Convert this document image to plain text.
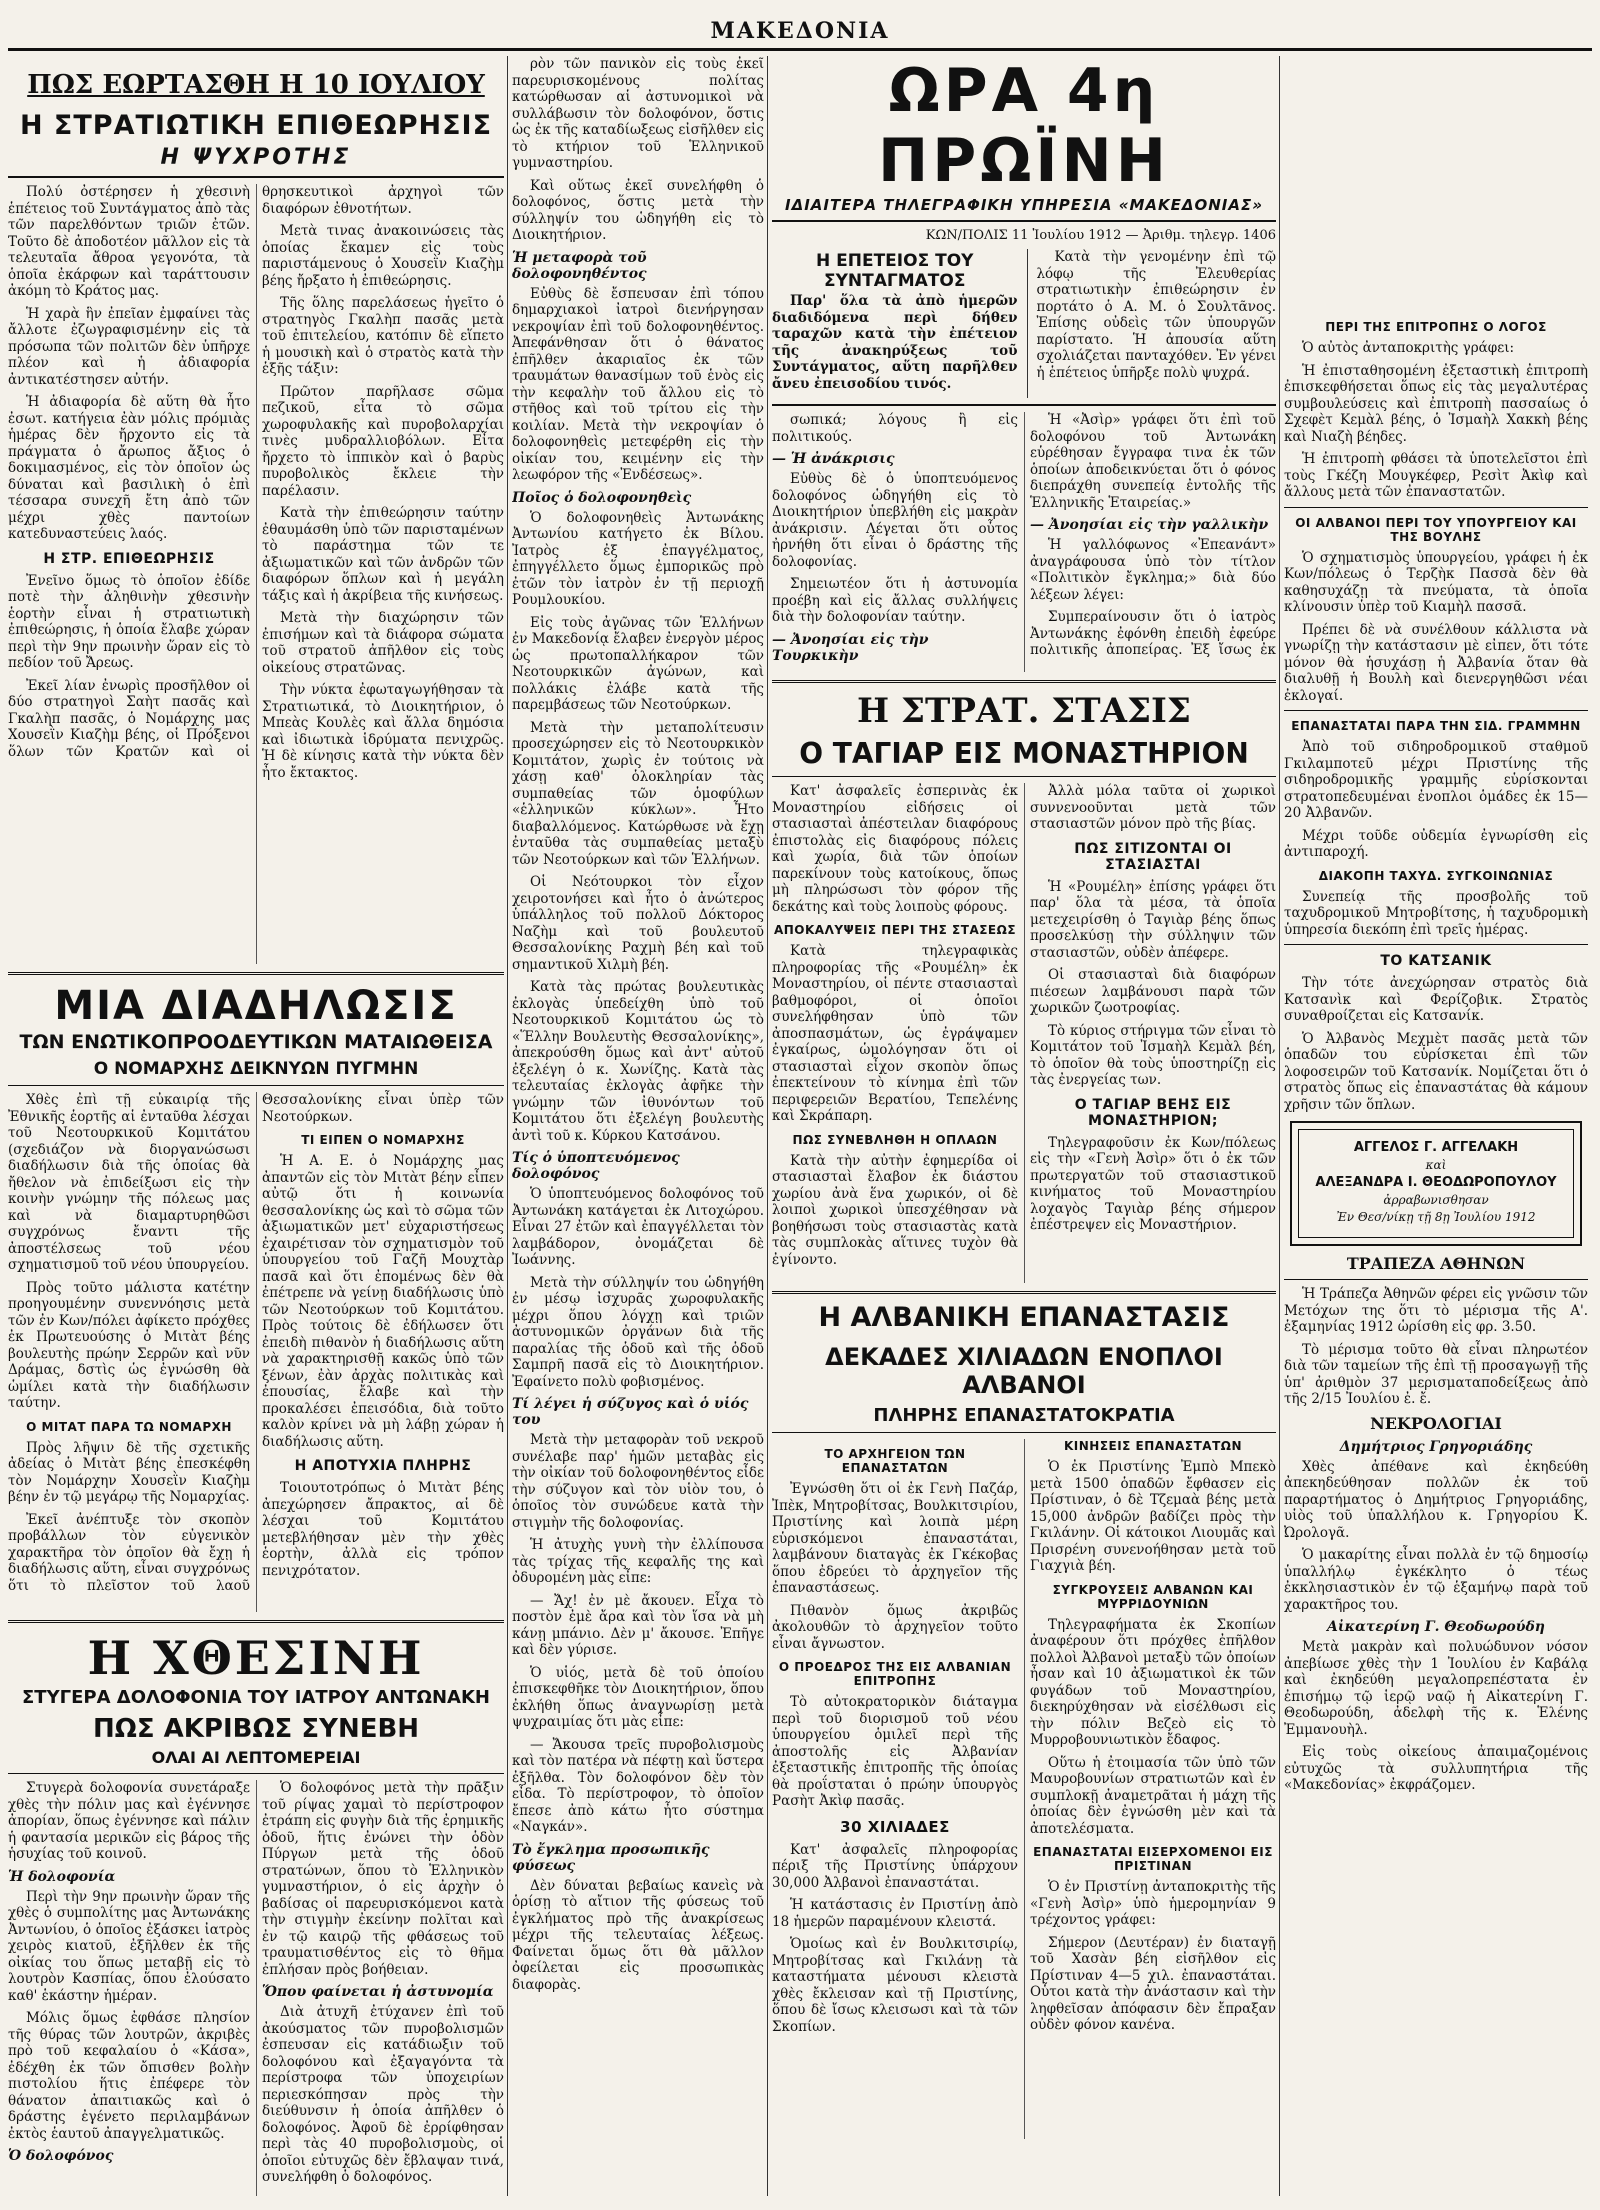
ΜΑΚΕΔΟΝΙΑ
ΠΩΣ ΕΩΡΤΑΣΘΗ Η 10 ΙΟΥΛΙΟΥ
Η ΣΤΡΑΤΙΩΤΙΚΗ ΕΠΙΘΕΩΡΗΣΙΣ
Η ΨΥΧΡΟΤΗΣ

Πολύ ὀστέρησεν ἡ χθεσινὴ ἑπέτειος τοῦ Συντάγματος ἀπὸ τὰς τῶν παρελθόντων τριῶν ἐτῶν. Τοῦτο δὲ ἀποδοτέον μᾶλλον εἰς τὰ τελευταῖα ἄθροα γεγονότα, τὰ ὁποῖα ἐκάρφων καὶ ταράττουσιν ἀκόμη τὸ Κράτος μας.

Ἡ χαρὰ ἣν ἐπεῖαν ἐμφαίνει τὰς ἄλλοτε ἐζωγραφισμένην εἰς τὰ πρόσωπα τῶν πολιτῶν δὲν ὑπῆρχε πλέον καὶ ἡ ἀδιαφορία ἀντικατέστησεν αὐτήν.

Ἡ ἀδιαφορία δὲ αὕτη θὰ ἦτο ἐσωτ. κατήγεια ἐὰν μόλις πρόμιὰς ἡμέρας δὲν ἤρχοντο εἰς τὰ πράγματα ὁ ἄρωπος ἄξιος ὁ δοκιμασμένος, εἰς τὸν ὁποῖον ὡς δύναται καὶ βασιλικὴ ὁ ἐπὶ τέσσαρα συνεχῆ ἔτη ἀπὸ τῶν μέχρι χθὲς παντοίων κατεδυναστεύεις λαός.

Η ΣΤΡ. ΕΠΙΘΕΩΡΗΣΙΣ

Ἐνεῖνο ὅμως τὸ ὁποῖον ἐδίδε ποτὲ τὴν ἀληθινὴν χθεσινὴν ἑορτὴν εἶναι ἡ στρατιωτικὴ ἐπιθεώρησις, ἡ ὁποία ἔλαβε χώραν περὶ τὴν 9ην πρωινὴν ὥραν εἰς τὸ πεδίον τοῦ Ἄρεως.

Ἐκεῖ λίαν ἐνωρὶς προσῆλθον οἱ δύο στρατηγοὶ Σαὴτ πασᾶς καὶ Γκαλὴπ πασᾶς, ὁ Νομάρχης μας Χουσεῒν Κιαζὴμ βέης, οἱ Πρόξενοι ὅλων τῶν Κρατῶν καὶ οἱ θρησκευτικοὶ ἀρχηγοὶ τῶν διαφόρων ἐθνοτήτων.

Μετὰ τινας ἀνακοινώσεις τὰς ὁποίας ἔκαμεν εἰς τοὺς παριστάμενους ὁ Χουσεῒν Κιαζὴμ βέης ἤρξατο ἡ ἐπιθεώρησις.

Τῆς ὅλης παρελάσεως ἡγεῖτο ὁ στρατηγὸς Γκαλὴπ πασᾶς μετὰ τοῦ ἐπιτελείου, κατόπιν δὲ εἵπετο ἡ μουσικὴ καὶ ὁ στρατὸς κατὰ τὴν ἑξῆς τάξιν:

Πρῶτον παρῆλασε σῶμα πεζικοῦ, εἶτα τὸ σῶμα χωροφυλακῆς καὶ πυροβολαρχίαι τινὲς μυδραλλιοβόλων. Εἶτα ἤρχετο τὸ ἱππικὸν καὶ ὁ βαρὺς πυροβολικὸς ἔκλειε τὴν παρέλασιν.

Κατὰ τὴν ἐπιθεώρησιν ταύτην ἐθαυμάσθη ὑπὸ τῶν παρισταμένων τὸ παράστημα τῶν τε ἀξιωματικῶν καὶ τῶν ἀνδρῶν τῶν διαφόρων ὅπλων καὶ ἡ μεγάλη τάξις καὶ ἡ ἀκρίβεια τῆς κινήσεως.

Μετὰ τὴν διαχώρησιν τῶν ἐπισήμων καὶ τὰ διάφορα σώματα τοῦ στρατοῦ ἀπῆλθον εἰς τοὺς οἰκείους στρατῶνας.

Τὴν νύκτα ἐφωταγωγήθησαν τὰ Στρατιωτικά, τὸ Διοικητήριον, ὁ Μπεὰς Κουλὲς καὶ ἄλλα δημόσια καὶ ἰδιωτικὰ ἱδρύματα πενιχρῶς. Ἡ δὲ κίνησις κατὰ τὴν νύκτα δὲν ἦτο ἔκτακτος.

ΜΙΑ ΔΙΑΔΗΛΩΣΙΣ
ΤΩΝ ΕΝΩΤΙΚΟΠΡΟΟΔΕΥΤΙΚΩΝ ΜΑΤΑΙΩΘΕΙΣΑ
Ο ΝΟΜΑΡΧΗΣ ΔΕΙΚΝΥΩΝ ΠΥΓΜΗΝ

Χθὲς ἐπὶ τῇ εὐκαιρίᾳ τῆς Ἐθνικῆς ἑορτῆς αἱ ἐνταῦθα λέσχαι τοῦ Νεοτουρκικοῦ Κομιτάτου (σχεδιάζον νὰ διοργανώσωσι διαδήλωσιν διὰ τῆς ὁποίας θὰ ἤθελον νὰ ἐπιδείξωσι εἰς τὴν κοινὴν γνώμην τῆς πόλεως μας καὶ νὰ διαμαρτυρηθῶσι συγχρόνως ἔναντι τῆς ἀποστέλσεως τοῦ νέου σχηματισμοῦ τοῦ νέου ὑπουργείου.

Πρὸς τοῦτο μάλιστα κατέτην προηγουμένην συνεννόησις μετὰ τῶν ἐν Κων/πόλει ἀφίκετο πρόχθες ἐκ Πρωτευούσης ὁ Μιτὰτ βέης βουλευτὴς πρώην Σερρῶν καὶ νῦν Δράμας, δστὶς ὡς ἐγνώσθη θὰ ὡμίλει κατὰ τὴν διαδήλωσιν ταύτην.

Ο ΜΙΤΑΤ ΠΑΡΑ ΤΩ ΝΟΜΑΡΧΗ

Πρὸς λῆψιν δὲ τῆς σχετικῆς ἀδείας ὁ Μιτὰτ βέης ἐπεσκέφθη τὸν Νομάρχην Χουσεῒν Κιαζὴμ βέην ἐν τῷ μεγάρῳ τῆς Νομαρχίας.

Ἐκεῖ ἀνέπτυξε τὸν σκοπὸν προβάλλων τὸν εὐγενικὸν χαρακτῆρα τὸν ὁποῖον θὰ ἔχῃ ἡ διαδήλωσις αὕτη, εἶναι συγχρόνως ὅτι τὸ πλεῖστον τοῦ λαοῦ Θεσσαλονίκης εἶναι ὑπὲρ τῶν Νεοτούρκων.

ΤΙ ΕΙΠΕΝ Ο ΝΟΜΑΡΧΗΣ

Ἡ Α. Ε. ὁ Νομάρχης μας ἀπαντῶν εἰς τὸν Μιτὰτ βέην εἶπεν αὐτῷ ὅτι ἡ κοινωνία θεσσαλονίκης ὡς καὶ τὸ σῶμα τῶν ἀξιωματικῶν μετ' εὐχαριστήσεως ἐχαιρέτισαν τὸν σχηματισμὸν τοῦ ὑπουργείου τοῦ Γαζῆ Μουχτὰρ πασᾶ καὶ ὅτι ἐπομένως δὲν θὰ ἐπέτρεπε νὰ γείνῃ διαδήλωσις ὑπὸ τῶν Νεοτούρκων τοῦ Κομιτάτου. Πρὸς τούτοις δὲ ἐδήλωσεν ὅτι ἐπειδὴ πιθανὸν ἡ διαδήλωσις αὕτη νὰ χαρακτηρισθῇ κακῶς ὑπὸ τῶν ξένων, ἐὰν ἀρχὰς πολιτικὰς καὶ ἐπουσίας, ἔλαβε καὶ τὴν προκαλέσει ἐπεισόδια, διὰ τοῦτο καλὸν κρίνει νὰ μὴ λάβῃ χώραν ἡ διαδήλωσις αὕτη.

Η ΑΠΟΤΥΧΙΑ ΠΛΗΡΗΣ

Τοιουτοτρόπως ὁ Μιτὰτ βέης ἀπεχώρησεν ἄπρακτος, αἱ δὲ λέσχαι τοῦ Κομιτάτου μετεβλήθησαν μὲν τὴν χθὲς ἑορτὴν, ἀλλὰ εἰς τρόπον πενιχρότατον.

Η ΧΘΕΣΙΝΗ
ΣΤΥΓΕΡΑ ΔΟΛΟΦΟΝΙΑ ΤΟΥ ΙΑΤΡΟΥ ΑΝΤΩΝΑΚΗ
ΠΩΣ ΑΚΡΙΒΩΣ ΣΥΝΕΒΗ
ΟΛΑΙ ΑΙ ΛΕΠΤΟΜΕΡΕΙΑΙ

Στυγερὰ δολοφονία συνετάραξε χθὲς τὴν πόλιν μας καὶ ἐγέννησε ἀπορίαν, ὅπως ἐγέννησε καὶ πάλιν ἡ φαντασία μερικῶν εἰς βάρος τῆς ἡσυχίας τοῦ κοινοῦ.

Ἡ δολοφονία

Περὶ τὴν 9ην πρωινὴν ὥραν τῆς χθὲς ὁ συμπολίτης μας Ἀντωνάκης Ἀντωνίου, ὁ ὁποῖος ἐξάσκει ἰατρὸς χειρὸς κιατοῦ, ἐξῆλθεν ἐκ τῆς οἰκίας του ὅπως μεταβῇ εἰς τὸ λουτρὸν Κασπίας, ὅπου ἐλούσατο καθ' ἑκάστην ἡμέραν.

Μόλις ὅμως ἐφθάσε πλησίον τῆς θύρας τῶν λουτρῶν, ἀκριβὲς πρὸ τοῦ κεφαλαίου ὁ «Κάσα», ἐδέχθη ἐκ τῶν ὄπισθεν βολὴν πιστολίου ἥτις ἐπέφερε τὸν θάνατον ἀπαιτιακῶς καὶ ὁ δράστης ἐγένετο περιλαμβάνων ἐκτὸς ἑαυτοῦ ἀπαγγελματικῶς.

Ὁ δολοφόνος

Ὁ δολοφόνος μετὰ τὴν πρᾶξιν τοῦ ρίψας χαμαὶ τὸ περίστροφον ἐτράπη εἰς φυγὴν διὰ τῆς ἐρημικῆς ὁδοῦ, ἥτις ἐνώνει τὴν ὁδὸν Πύργων μετὰ τῆς ὁδοῦ στρατώνων, ὅπου τὸ Ἑλληνικὸν γυμναστήριον, ὁ εἰς ἀρχὴν ὁ βαδίσας οἱ παρευρισκόμενοι κατὰ τὴν στιγμὴν ἐκείνην πολῖται καὶ ἐν τῷ καιρῷ τῆς φθάσεως τοῦ τραυματισθέντος εἰς τὸ θῆμα ἐπλήσαν πρὸς βοήθειαν.

Ὅπου φαίνεται ἡ ἀστυνομία

Διὰ ἀτυχῆ ἐτύχανεν ἐπὶ τοῦ ἀκούσματος τῶν πυροβολισμῶν ἐσπευσαν εἰς κατάδιωξιν τοῦ δολοφόνου καὶ ἐξαγαγόντα τὰ περίστροφα τῶν ὑποχειρίων περιεσκόπησαν πρὸς τὴν διεύθυνσιν ἡ ὁποία ἀπῆλθεν ὁ δολοφόνος. Ἀφοῦ δὲ ἐρρίφθησαν περὶ τὰς 40 πυροβολισμοὺς, οἱ ὁποῖοι εὐτυχῶς δὲν ἔβλαψαν τινά, συνελήφθη ὁ δολοφόνος.

ρὸν τῶν πανικὸν εἰς τοὺς ἐκεῖ παρευρισκομένους πολίτας κατώρθωσαν αἱ ἀστυνομικοὶ νὰ συλλάβωσιν τὸν δολοφόνον, ὅστις ὡς ἐκ τῆς καταδίωξεως εἰσῆλθεν εἰς τὸ κτήριον τοῦ Ἑλληνικοῦ γυμναστηρίου.

Καὶ οὕτως ἐκεῖ συνελήφθη ὁ δολοφόνος, ὅστις μετὰ τὴν σύλληψίν του ὡδηγήθη εἰς τὸ Διοικητήριον.

Ἡ μεταφορὰ τοῦ δολοφονηθέντος

Εὐθὺς δὲ ἔσπευσαν ἐπὶ τόπου δημαρχιακοὶ ἰατροὶ διενήργησαν νεκροψίαν ἐπὶ τοῦ δολοφονηθέντος. Ἀπεφάνθησαν ὅτι ὁ θάνατος ἐπῆλθεν ἀκαριαῖος ἐκ τῶν τραυμάτων θανασίμων τοῦ ἑνὸς εἰς τὴν κεφαλὴν τοῦ ἄλλου εἰς τὸ στῆθος καὶ τοῦ τρίτου εἰς τὴν κοιλίαν. Μετὰ τὴν νεκροψίαν ὁ δολοφονηθεὶς μετεφέρθη εἰς τὴν οἰκίαν του, κειμένην εἰς τὴν λεωφόρον τῆς «Ἐνδέσεως».

Ποῖος ὁ δολοφονηθεὶς

Ὁ δολοφονηθεὶς Ἀντωνάκης Ἀντωνίου κατήγετο ἐκ Βίλου. Ἰατρὸς ἐξ ἐπαγγέλματος, ἐπηγγέλλετο ὅμως ἐμπορικῶς πρὸ ἐτῶν τὸν ἰατρὸν ἐν τῇ περιοχῇ Ρουμλουκίου.

Εἰς τοὺς ἀγῶνας τῶν Ἑλλήνων ἐν Μακεδονίᾳ ἔλαβεν ἐνεργὸν μέρος ὡς πρωτοπαλλήκαρον τῶν Νεοτουρκικῶν ἀγώνων, καὶ πολλάκις ἐλάβε κατὰ τῆς παρεμβάσεως τῶν Νεοτούρκων.

Μετὰ τὴν μεταπολίτευσιν προσεχώρησεν εἰς τὸ Νεοτουρκικὸν Κομιτάτον, χωρὶς ἐν τούτοις νὰ χάσῃ καθ' ὁλοκληρίαν τὰς συμπαθείας τῶν ὁμοφύλων «ἑλληνικῶν κύκλων». Ἦτο διαβαλλόμενος. Κατώρθωσε νὰ ἔχῃ ἐνταῦθα τὰς συμπαθείας μεταξὺ τῶν Νεοτούρκων καὶ τῶν Ἑλλήνων.

Οἱ Νεότουρκοι τὸν εἶχον χειροτονήσει καὶ ἦτο ὁ ἀνώτερος ὑπάλληλος τοῦ πολλοῦ Δόκτορος Ναζὴμ καὶ τοῦ βουλευτοῦ Θεσσαλονίκης Ραχμὴ βέη καὶ τοῦ σημαντικοῦ Χιλμὴ βέη.

Κατὰ τὰς πρώτας βουλευτικὰς ἐκλογὰς ὑπεδείχθη ὑπὸ τοῦ Νεοτουρκικοῦ Κομιτάτου ὡς τὸ «Ἕλλην Βουλευτὴς Θεσσαλονίκης», ἀπεκρούσθη ὅμως καὶ ἀντ' αὐτοῦ ἐξελέγη ὁ κ. Χωνίζης. Κατὰ τὰς τελευταίας ἐκλογὰς ἀφῆκε τὴν γνώμην τῶν ἰθυνόντων τοῦ Κομιτάτου ὅτι ἐξελέγη βουλευτὴς ἀντὶ τοῦ κ. Κύρκου Κατσάνου.

Τίς ὁ ὑποπτευόμενος δολοφόνος

Ὁ ὑποπτευόμενος δολοφόνος τοῦ Ἀντωνάκη κατάγεται ἐκ Λιτοχώρου. Εἶναι 27 ἐτῶν καὶ ἐπαγγέλλεται τὸν λαμβάδορον, ὀνομάζεται δὲ Ἰωάννης.

Μετὰ τὴν σύλληψίν του ὡδηγήθη ἐν μέσῳ ἰσχυρᾶς χωροφυλακῆς μέχρι ὅπου λόγχῃ καὶ τριῶν ἀστυνομικῶν ὀργάνων διὰ τῆς παραλίας τῆς ὁδοῦ καὶ τῆς ὁδοῦ Σαμπρῆ πασᾶ εἰς τὸ Διοικητήριον. Ἐφαίνετο πολὺ φοβισμένος.

Τί λέγει ἡ σύζυγος καὶ ὁ υἱός του

Μετὰ τὴν μεταφορὰν τοῦ νεκροῦ συνέλαβε παρ' ἡμῶν μεταβὰς εἰς τὴν οἰκίαν τοῦ δολοφονηθέντος εἶδε τὴν σύζυγον καὶ τὸν υἱὸν του, ὁ ὁποῖος τὸν συνώδευε κατὰ τὴν στιγμὴν τῆς δολοφονίας.

Ἡ ἀτυχὴς γυνὴ τὴν ἐλλίπουσα τὰς τρίχας τῆς κεφαλῆς της καὶ ὀδυρομένη μὰς εἶπε:

— Ἄχ! ἐν μὲ ἄκουεν. Εἶχα τὸ ποστὸν ἐμὲ ἄρα καὶ τὸν ἵσα νὰ μὴ κάνῃ μπάνιο. Δὲν μ' ἄκουσε. Ἐπῆγε καὶ δὲν γύρισε.

Ὁ υἱός, μετὰ δὲ τοῦ ὁποίου ἐπισκεφθῆκε τὸν Διοικητήριον, ὅπου ἐκλήθη ὅπως ἀναγνωρίσῃ μετὰ ψυχραιμίας ὅτι μὰς εἶπε:

— Ἄκουσα τρεῖς πυροβολισμοὺς καὶ τὸν πατέρα νὰ πέφτῃ καὶ ὕστερα ἐξῆλθα. Τὸν δολοφόνον δὲν τὸν εἶδα. Τὸ περίστροφον, τὸ ὁποῖον ἔπεσε ἀπὸ κάτω ἦτο σύστημα «Ναγκάν».

Τὸ ἔγκλημα προσωπικῆς φύσεως

Δὲν δύναται βεβαίως κανεὶς νὰ ὁρίσῃ τὸ αἴτιον τῆς φύσεως τοῦ ἐγκλήματος πρὸ τῆς ἀνακρίσεως μέχρι τῆς τελευταίας λέξεως. Φαίνεται ὅμως ὅτι θὰ μᾶλλον ὀφείλεται εἰς προσωπικὰς διαφορὰς.

ΩΡΑ 4η ΠΡΩΪΝΗ
ΙΔΙΑΙΤΕΡΑ ΤΗΛΕΓΡΑΦΙΚΗ ΥΠΗΡΕΣΙΑ «ΜΑΚΕΔΟΝΙΑΣ»
ΚΩΝ/ΠΟΛΙΣ 11 Ἰουλίου 1912 — Ἀριθμ. τηλεγρ. 1406
Η ΕΠΕΤΕΙΟΣ ΤΟΥ ΣΥΝΤΑΓΜΑΤΟΣ

Παρ' ὅλα τὰ ἀπὸ ἡμερῶν διαδιδόμενα περὶ δήθεν ταραχῶν κατὰ τὴν ἐπέτειον τῆς ἀνακηρύξεως τοῦ Συντάγματος, αὕτη παρῆλθεν ἄνευ ἐπεισοδίου τινός.

Κατὰ τὴν γενομένην ἐπὶ τῷ λόφῳ τῆς Ἐλευθερίας στρατιωτικὴν ἐπιθεώρησιν ἐν πορτάτο ὁ Α. Μ. ὁ Σουλτᾶνος. Ἐπίσης οὐδεὶς τῶν ὑπουργῶν παρίστατο. Ἡ ἀπουσία αὕτη σχολιάζεται πανταχόθεν. Ἐν γένει ἡ ἑπέτειος ὑπῆρξε πολὺ ψυχρά.

σωπικά; λόγους ἢ εἰς πολιτικούς.

— Ἡ ἀνάκρισις

Εὐθὺς δὲ ὁ ὑποπτευόμενος δολοφόνος ὡδηγήθη εἰς τὸ Διοικητήριον ὑπεβλήθη εἰς μακρὰν ἀνάκρισιν. Λέγεται ὅτι οὗτος ἠρνήθη ὅτι εἶναι ὁ δράστης τῆς δολοφονίας.

Σημειωτέον ὅτι ἡ ἀστυνομία προέβη καὶ εἰς ἄλλας συλλήψεις διὰ τὴν δολοφονίαν ταύτην.

— Ἀνοησίαι εἰς τὴν Τουρκικὴν

Ἡ «Ἀσὶρ» γράφει ὅτι ἐπὶ τοῦ δολοφόνου τοῦ Ἀντωνάκη εὑρέθησαν ἔγγραφα τινα ἐκ τῶν ὁποίων ἀποδεικνύεται ὅτι ὁ φόνος διεπράχθη συνεπείᾳ ἐντολῆς τῆς Ἑλληνικῆς Ἑταιρείας.»

— Ἀνοησίαι εἰς τὴν γαλλικὴν

Ἡ γαλλόφωνος «Ἐπεανάντ» ἀναγράφουσα ὑπὸ τὸν τίτλον «Πολιτικὸν ἔγκλημα;» διὰ δύο λέξεων λέγει:

Συμπεραίνουσιν ὅτι ὁ ἰατρὸς Ἀντωνάκης ἐφόνθη ἐπειδὴ ἐφεύρε πολιτικῆς ἀποπείρας. Ἐξ ἴσως ἐκ

Η ΣΤΡΑΤ. ΣΤΑΣΙΣ
Ο ΤΑΓΙΑΡ ΕΙΣ ΜΟΝΑΣΤΗΡΙΟΝ

Κατ' ἀσφαλεῖς ἐσπερινὰς ἐκ Μοναστηρίου εἰδήσεις οἱ στασιασταὶ ἀπέστειλαν διαφόρους ἐπιστολὰς εἰς διαφόρους πόλεις καὶ χωρία, διὰ τῶν ὁποίων παρεκίνουν τοὺς κατοίκους, ὅπως μὴ πληρώσωσι τὸν φόρον τῆς δεκάτης καὶ τοὺς λοιποὺς φόρους.

ΑΠΟΚΑΛΥΨΕΙΣ ΠΕΡΙ ΤΗΣ ΣΤΑΣΕΩΣ

Κατὰ τηλεγραφικὰς πληροφορίας τῆς «Ρουμέλη» ἐκ Μοναστηρίου, οἱ πέντε στασιασταὶ βαθμοφόροι, οἱ ὁποῖοι συνελήφθησαν ὑπὸ τῶν ἀποσπασμάτων, ὡς ἐγράψαμεν ἐγκαίρως, ὡμολόγησαν ὅτι οἱ στασιασταὶ εἶχον σκοπὸν ὅπως ἐπεκτείνουν τὸ κίνημα ἐπὶ τῶν περιφερειῶν Βερατίου, Τεπελένης καὶ Σκράπαρη.

ΠΩΣ ΣΥΝΕΒΛΗΘΗ Η ΟΠΛΑΩΝ

Κατὰ τὴν αὐτὴν ἐφημερίδα οἱ στασιασταὶ ἔλαβον ἐκ διάστου χωρίου ἀνὰ ἕνα χωρικόν, οἱ δὲ λοιποὶ χωρικοὶ ὑπεσχέθησαν νὰ βοηθήσωσι τοὺς στασιαστὰς κατὰ τὰς συμπλοκὰς αἵτινες τυχὸν θὰ ἐγίνοντο.

Ἀλλὰ μόλα ταῦτα οἱ χωρικοὶ συννενοοῦνται μετὰ τῶν στασιαστῶν μόνον πρὸ τῆς βίας.

ΠΩΣ ΣΙΤΙΖΟΝΤΑΙ ΟΙ ΣΤΑΣΙΑΣΤΑΙ

Ἡ «Ρουμέλη» ἐπίσης γράφει ὅτι παρ' ὅλα τὰ μέσα, τὰ ὁποῖα μετεχειρίσθη ὁ Ταγιὰρ βέης ὅπως προσελκύσῃ τὴν σύλληψιν τῶν στασιαστῶν, οὐδὲν ἀπέφερε.

Οἱ στασιασταὶ διὰ διαφόρων πιέσεων λαμβάνουσι παρὰ τῶν χωρικῶν ζωοτροφίας.

Τὸ κύριος στήριγμα τῶν εἶναι τὸ Κομιτάτον τοῦ Ἰσμαὴλ Κεμὰλ βέη, τὸ ὁποῖον θὰ τοὺς ὑποστηρίζῃ εἰς τὰς ἐνεργείας των.

Ο ΤΑΓΙΑΡ ΒΕΗΣ ΕΙΣ ΜΟΝΑΣΤΗΡΙΟΝ;

Τηλεγραφοῦσιν ἐκ Κων/πόλεως εἰς τὴν «Γενὴ Ἀσὶρ» ὅτι ὁ ἐκ τῶν πρωτεργατῶν τοῦ στασιαστικοῦ κινήματος τοῦ Μοναστηρίου λοχαγὸς Ταγιὰρ βέης σήμερον ἐπέστρεψεν εἰς Μοναστήριον.

Η ΑΛΒΑΝΙΚΗ ΕΠΑΝΑΣΤΑΣΙΣ
ΔΕΚΑΔΕΣ ΧΙΛΙΑΔΩΝ ΕΝΟΠΛΟΙ ΑΛΒΑΝΟΙ
ΠΛΗΡΗΣ ΕΠΑΝΑΣΤΑΤΟΚΡΑΤΙΑ
ΤΟ ΑΡΧΗΓΕΙΟΝ ΤΩΝ ΕΠΑΝΑΣΤΑΤΩΝ

Ἐγνώσθη ὅτι οἱ ἐκ Γενὴ Παζάρ, Ἰπὲκ, Μητροβίτσας, Βουλκιτσιρίου, Πριστίνης καὶ λοιπὰ μέρη εὑρισκόμενοι ἐπαναστάται, λαμβάνουν διαταγὰς ἐκ Γκέκοβας ὅπου ἐδρεύει τὸ ἀρχηγεῖον τῆς ἐπαναστάσεως.

Πιθανὸν ὅμως ἀκριβῶς ἀκολουθῶν τὸ ἀρχηγεῖον τοῦτο εἶναι ἄγνωστον.

Ο ΠΡΟΕΔΡΟΣ ΤΗΣ ΕΙΣ ΑΛΒΑΝΙΑΝ ΕΠΙΤΡΟΠΗΣ

Τὸ αὐτοκρατορικὸν διάταγμα περὶ τοῦ διορισμοῦ τοῦ νέου ὑπουργείου ὁμιλεῖ περὶ τῆς ἀποστολῆς εἰς Ἀλβανίαν ἐξεταστικῆς ἐπιτροπῆς τῆς ὁποίας θὰ προΐσταται ὁ πρώην ὑπουργὸς Ρασὴτ Ἀκὶφ πασᾶς.

30 ΧΙΛΙΑΔΕΣ

Κατ' ἀσφαλεῖς πληροφορίας πέριξ τῆς Πριστίνης ὑπάρχουν 30,000 Ἀλβανοὶ ἐπαναστάται.

Ἡ κατάστασις ἐν Πριστίνῃ ἀπὸ 18 ἡμερῶν παραμένουν κλειστά.

Ὁμοίως καὶ ἐν Βουλκιτσιρίῳ, Μητροβίτσας καὶ Γκιλάνῃ τὰ καταστήματα μένουσι κλειστὰ χθὲς ἔκλεισαν καὶ τῇ Πριστίνης, ὅπου δὲ ἴσως κλεισωσι καὶ τὰ τῶν Σκοπίων.

ΚΙΝΗΣΕΙΣ ΕΠΑΝΑΣΤΑΤΩΝ

Ὁ ἐκ Πριστίνης Ἐμπὸ Μπεκὸ μετὰ 1500 ὁπαδῶν ἔφθασεν εἰς Πρίστιναν, ὁ δὲ Τζεμαὰ βέης μετὰ 15,000 ἀνδρῶν βαδίζει πρὸς τὴν Γκιλάνην. Οἱ κάτοικοι Λιουμᾶς καὶ Πρισρένη συνενοήθησαν μετὰ τοῦ Γιαχγιὰ βέη.

ΣΥΓΚΡΟΥΣΕΙΣ ΑΛΒΑΝΩΝ ΚΑΙ ΜΥΡΡΙΔΟΥΝΙΩΝ

Τηλεγραφήματα ἐκ Σκοπίων ἀναφέρουν ὅτι πρόχθες ἐπῆλθον πολλοὶ Ἀλβανοὶ μεταξὺ τῶν ὁποίων ἦσαν καὶ 10 ἀξιωματικοὶ ἐκ τῶν φυγάδων τοῦ Μοναστηρίου, διεκηρύχθησαν νὰ εἰσέλθωσι εἰς τὴν πόλιν Βεζεὸ εἰς τὸ Μυρροβουνιωτικὸν ἔδαφος.

Οὕτω ἡ ἐτοιμασία τῶν ὑπὸ τῶν Μαυροβουνίων στρατιωτῶν καὶ ἐν συμπλοκῇ ἀναμετρᾶται ἡ μάχη τῆς ὁποίας δὲν ἐγνώσθη μὲν καὶ τὰ ἀποτελέσματα.

ΕΠΑΝΑΣΤΑΤΑΙ ΕΙΣΕΡΧΟΜΕΝΟΙ ΕΙΣ ΠΡΙΣΤΙΝΑΝ

Ὁ ἐν Πριστίνῃ ἀνταποκριτὴς τῆς «Γενὴ Ἀσὶρ» ὑπὸ ἡμερομηνίαν 9 τρέχοντος γράφει:

Σήμερον (Δευτέραν) ἐν διαταγῇ τοῦ Χασὰν βέη εἰσῆλθον εἰς Πρίστιναν 4—5 χιλ. ἐπαναστάται. Οὗτοι κατὰ τὴν ἀνάστασιν καὶ τὴν ληφθεῖσαν ἀπόφασιν δὲν ἔπραξαν οὐδὲν φόνον κανένα.

ΠΕΡΙ ΤΗΣ ΕΠΙΤΡΟΠΗΣ Ο ΛΟΓΟΣ

Ὁ αὐτὸς ἀνταποκριτὴς γράφει:

Ἡ ἐπισταθησομένη ἐξεταστικὴ ἐπιτροπὴ ἐπισκεφθήσεται ὅπως εἰς τὰς μεγαλυτέρας συμβουλεύσεις καὶ ἐπιτροπὴ πασσαίως ὁ Σχεφὲτ Κεμὰλ βέης, ὁ Ἰσμαὴλ Χακκὴ βέης καὶ Νιαζὴ βέηδες.

Ἡ ἐπιτροπὴ φθάσει τὰ ὑποτελεῖστοι ἐπὶ τοὺς Γκέζη Μουγκέφερ, Ρεσὶτ Ἀκὶφ καὶ ἄλλους μετὰ τῶν ἐπαναστατῶν.

ΟΙ ΑΛΒΑΝΟΙ ΠΕΡΙ ΤΟΥ ΥΠΟΥΡΓΕΙΟΥ ΚΑΙ ΤΗΣ ΒΟΥΛΗΣ

Ὁ σχηματισμὸς ὑπουργείου, γράφει ἡ ἐκ Κων/πόλεως ὁ Τερζὴκ Πασσὰ δὲν θὰ καθησυχάζῃ τὰ πνεύματα, τὰ ὁποῖα κλίνουσιν ὑπὲρ τοῦ Κιαμὴλ πασσᾶ.

Πρέπει δὲ νὰ συνέλθουν κάλλιστα νὰ γνωρίζῃ τὴν κατάστασιν μὲ εἰπεν, ὅτι τότε μόνον θὰ ἡσυχάσῃ ἡ Ἀλβανία ὅταν θὰ διαλυθῇ ἡ Βουλὴ καὶ διενεργηθῶσι νέαι ἐκλογαί.

ΕΠΑΝΑΣΤΑΤΑΙ ΠΑΡΑ ΤΗΝ ΣΙΔ. ΓΡΑΜΜΗΝ

Ἀπὸ τοῦ σιδηροδρομικοῦ σταθμοῦ Γκιλαμποτεῦ μέχρι Πριστίνης τῆς σιδηροδρομικῆς γραμμῆς εὑρίσκονται στρατοπεδευμέναι ἐνοπλοι ὁμάδες ἐκ 15—20 Ἀλβανῶν.

Μέχρι τοῦδε οὐδεμία ἐγνωρίσθη εἰς ἀντιπαροχή.

ΔΙΑΚΟΠΗ ΤΑΧΥΔ. ΣΥΓΚΟΙΝΩΝΙΑΣ

Συνεπείᾳ τῆς προσβολῆς τοῦ ταχυδρομικοῦ Μητροβίτσης, ἡ ταχυδρομικὴ ὑπηρεσία διεκόπη ἐπὶ τρεῖς ἡμέρας.

ΤΟ ΚΑΤΣΑΝΙΚ

Τὴν τότε ἀνεχώρησαν στρατὸς διὰ Κατσανὶκ καὶ Φερίζοβικ. Στρατὸς συναθροίζεται εἰς Κατσανίκ.

Ὁ Ἀλβανὸς Μεχμὲτ πασᾶς μετὰ τῶν ὁπαδῶν του εὑρίσκεται ἐπὶ τῶν λοφοσειρῶν τοῦ Κατσανίκ. Νομίζεται ὅτι ὁ στρατὸς ὅπως εἰς ἐπαναστάτας θὰ κάμουν χρῆσιν τῶν ὅπλων.

ΑΓΓΕΛΟΣ Γ. ΑΓΓΕΛΑΚΗ
καὶ
ΑΛΕΞΑΝΔΡΑ Ι. ΘΕΟΔΩΡΟΠΟΥΛΟΥ
ἀρραβωνισθησαν
Ἐν Θεσ/νίκῃ τῇ 8ῃ Ἰουλίου 1912
ΤΡΑΠΕΖΑ ΑΘΗΝΩΝ

Ἡ Τράπεζα Ἀθηνῶν φέρει εἰς γνῶσιν τῶν Μετόχων της ὅτι τὸ μέρισμα τῆς Α'. ἑξαμηνίας 1912 ὡρίσθη εἰς φρ. 3.50.

Τὸ μέρισμα τοῦτο θὰ εἶναι πληρωτέον διὰ τῶν ταμείων τῆς ἐπὶ τῇ προσαγωγῇ τῆς ὑπ' ἀριθμὸν 37 μερισματαποδείξεως ἀπὸ τῆς 2/15 Ἰουλίου ἐ. ἔ.

ΝΕΚΡΟΛΟΓΙΑΙ
Δημήτριος Γρηγοριάδης

Χθὲς ἀπέθανε καὶ ἐκηδεύθη ἀπεκηδεύθησαν πολλῶν ἐκ τοῦ παραρτήματος ὁ Δημήτριος Γρηγοριάδης, υἱὸς τοῦ ὑπαλλήλου κ. Γρηγορίου Κ. Ὠρολογᾶ.

Ὁ μακαρίτης εἶναι πολλὰ ἐν τῷ δημοσίῳ ὑπαλλήλῳ ἐγκέκλητο ὁ τέως ἐκκλησιαστικὸν ἐν τῷ ἑξαμήνῳ παρὰ τοῦ χαρακτῆρος του.

Αἰκατερίνη Γ. Θεοδωρούδη

Μετὰ μακρὰν καὶ πολυώδυνον νόσον ἀπεβίωσε χθὲς τὴν 1 Ἰουλίου ἐν Καβάλᾳ καὶ ἐκηδεύθη μεγαλοπρεπέστατα ἐν ἐπισήμῳ τῷ ἱερῷ ναῷ ἡ Αἰκατερίνη Γ. Θεοδωρούδη, ἀδελφὴ τῆς κ. Ἑλένης Ἐμμανουὴλ.

Εἰς τοὺς οἰκείους ἀπαιμαζομένοις εὐτυχῶς τὰ συλλυπητήρια τῆς «Μακεδονίας» ἐκφράζομεν.
